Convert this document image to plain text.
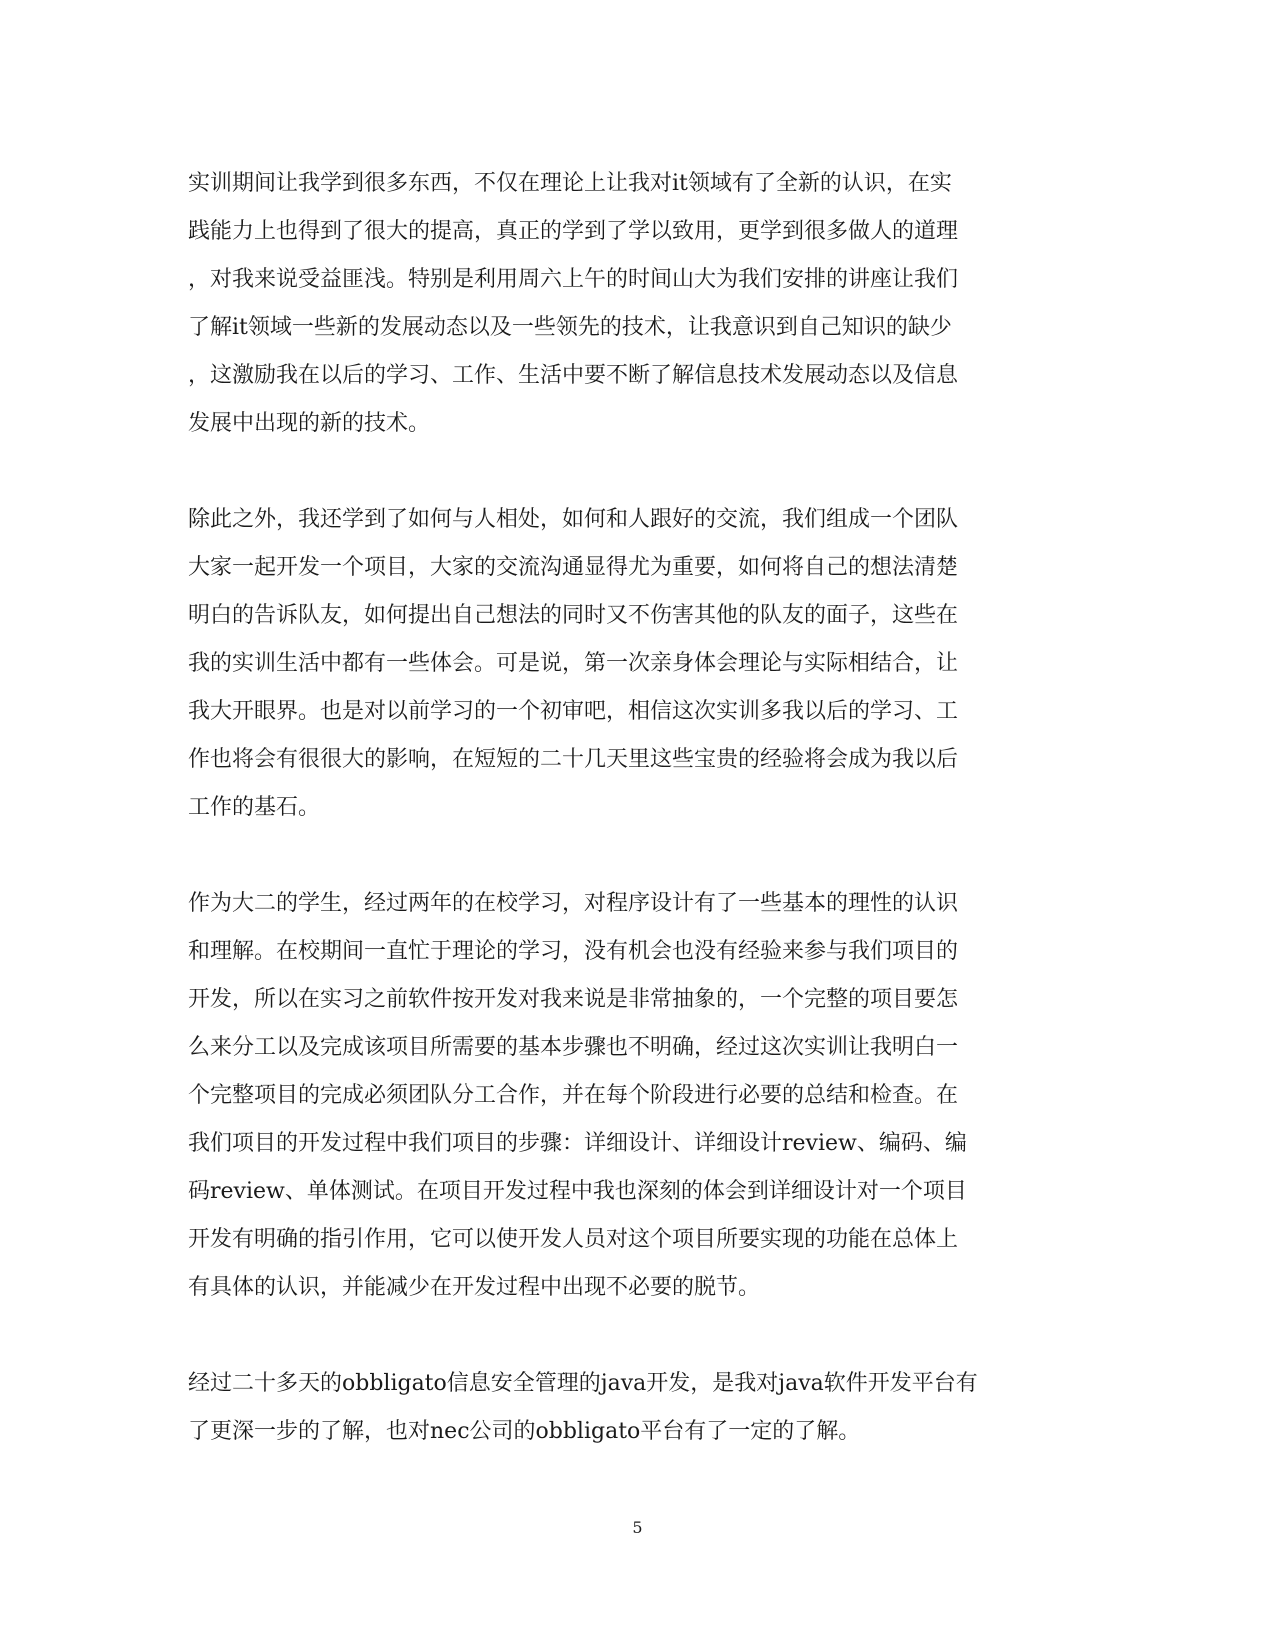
实训期间让我学到很多东西，不仅在理论上让我对it领域有了全新的认识，在实
践能力上也得到了很大的提高，真正的学到了学以致用，更学到很多做人的道理
，对我来说受益匪浅。特别是利用周六上午的时间山大为我们安排的讲座让我们
了解it领域一些新的发展动态以及一些领先的技术，让我意识到自己知识的缺少
，这激励我在以后的学习、工作、生活中要不断了解信息技术发展动态以及信息
发展中出现的新的技术。

除此之外，我还学到了如何与人相处，如何和人跟好的交流，我们组成一个团队
大家一起开发一个项目，大家的交流沟通显得尤为重要，如何将自己的想法清楚
明白的告诉队友，如何提出自己想法的同时又不伤害其他的队友的面子，这些在
我的实训生活中都有一些体会。可是说，第一次亲身体会理论与实际相结合，让
我大开眼界。也是对以前学习的一个初审吧，相信这次实训多我以后的学习、工
作也将会有很很大的影响，在短短的二十几天里这些宝贵的经验将会成为我以后
工作的基石。

作为大二的学生，经过两年的在校学习，对程序设计有了一些基本的理性的认识
和理解。在校期间一直忙于理论的学习，没有机会也没有经验来参与我们项目的
开发，所以在实习之前软件按开发对我来说是非常抽象的，一个完整的项目要怎
么来分工以及完成该项目所需要的基本步骤也不明确，经过这次实训让我明白一
个完整项目的完成必须团队分工合作，并在每个阶段进行必要的总结和检查。在
我们项目的开发过程中我们项目的步骤：详细设计、详细设计review、编码、编
码review、单体测试。在项目开发过程中我也深刻的体会到详细设计对一个项目
开发有明确的指引作用，它可以使开发人员对这个项目所要实现的功能在总体上
有具体的认识，并能减少在开发过程中出现不必要的脱节。

经过二十多天的obbligato信息安全管理的java开发，是我对java软件开发平台有
了更深一步的了解，也对nec公司的obbligato平台有了一定的了解。

5
